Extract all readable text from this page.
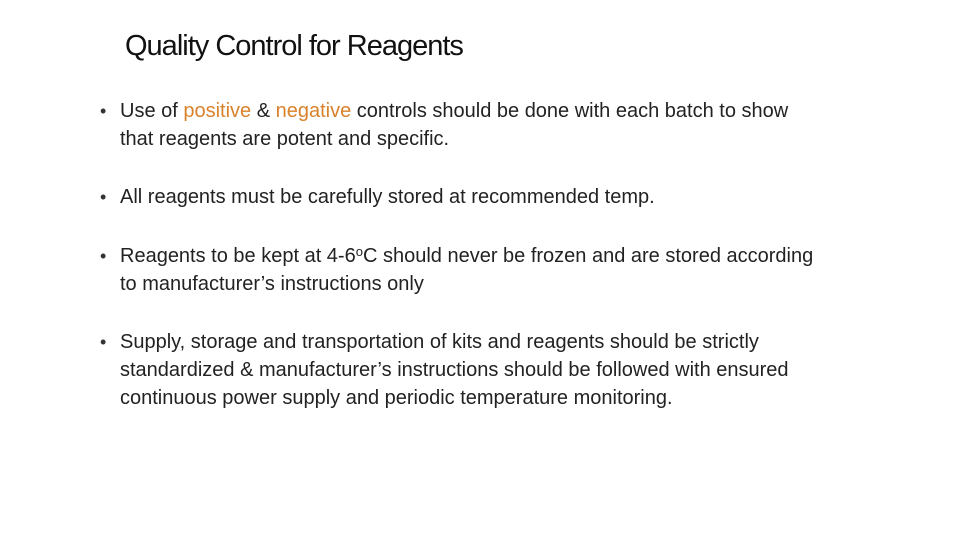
Quality Control for Reagents
• Use of positive & negative controls should be done with each batch to show that reagents are potent and specific.
• All reagents must be carefully stored at recommended temp.
• Reagents to be kept at 4-6$^o$C should never be frozen and are stored according to manufacturer’s instructions only
• Supply, storage and transportation of kits and reagents should be strictly standardized & manufacturer’s instructions should be followed with ensured continuous power supply and periodic temperature monitoring.
